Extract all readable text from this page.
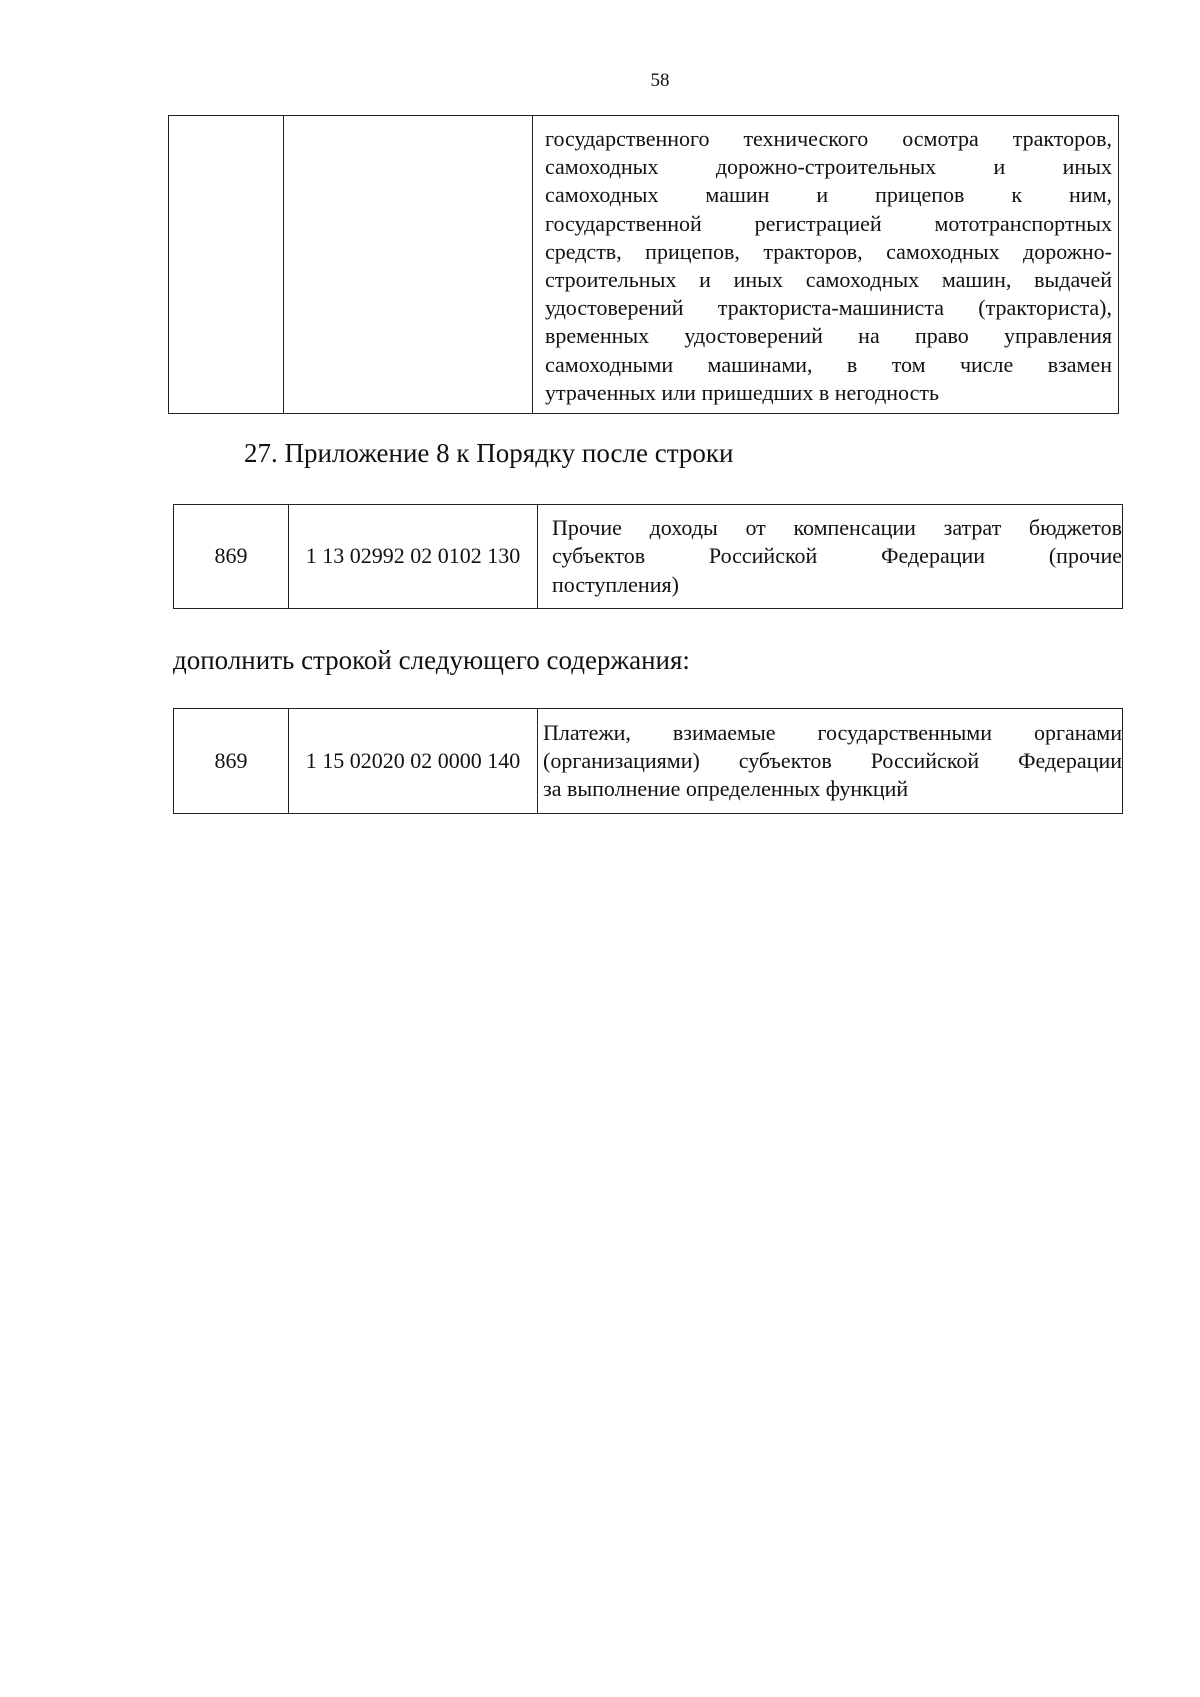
58

государственного технического осмотра тракторов,
самоходных дорожно-строительных и иных
самоходных машин и прицепов к ним,
государственной регистрацией мототранспортных
средств, прицепов, тракторов, самоходных дорожно-
строительных и иных самоходных машин, выдачей
удостоверений тракториста-машиниста (тракториста),
временных удостоверений на право управления
самоходными машинами, в том числе взамен
утраченных или пришедших в негодность
27. Приложение 8 к Порядку после строки
869	1 13 02992 02 0102 130	
Прочие доходы от компенсации затрат бюджетов
субъектов Российской Федерации (прочие
поступления)
дополнить строкой следующего содержания:
869	1 15 02020 02 0000 140	
Платежи, взимаемые государственными органами
(организациями) субъектов Российской Федерации
за выполнение определенных функций
